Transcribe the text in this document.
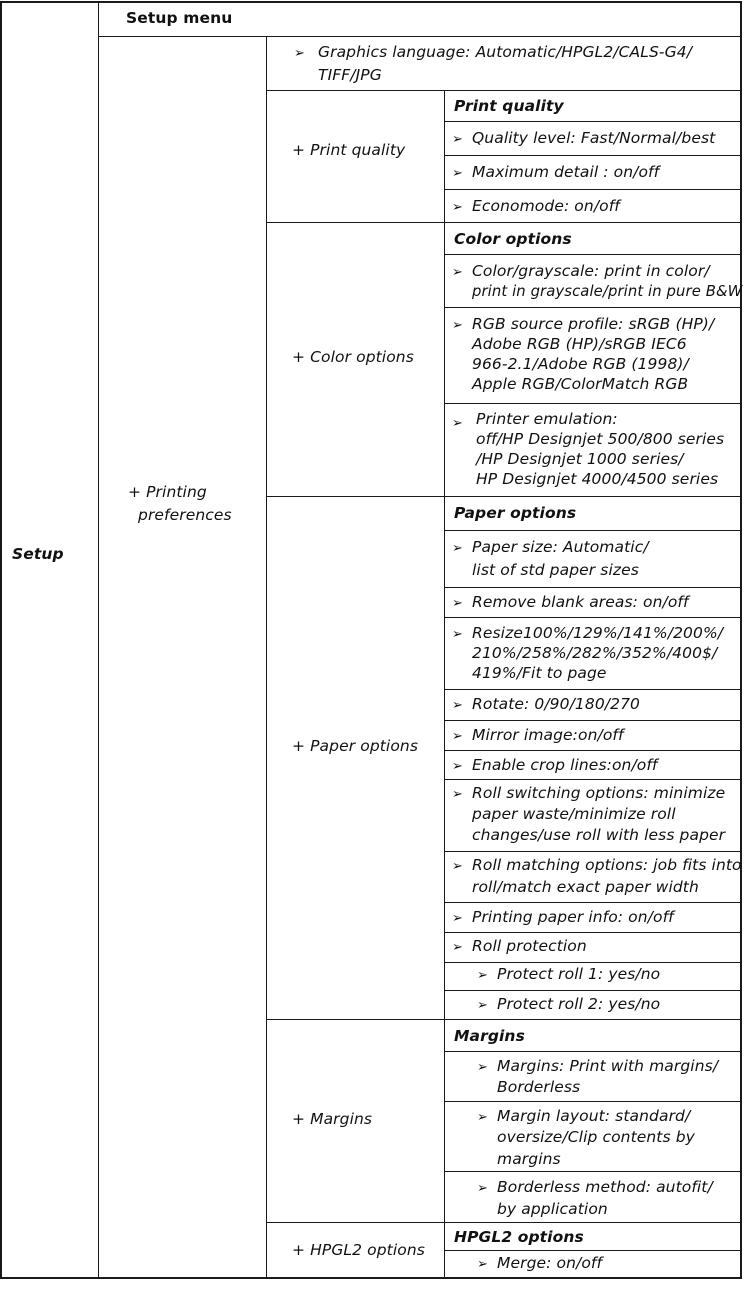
Setup menu
Setup
+ Printing
preferences
➢ Graphics language: Automatic/HPGL2/CALS-G4/
TIFF/JPG
+ Print quality
Print quality
➢ Quality level: Fast/Normal/best
➢ Maximum detail : on/off
➢ Economode: on/off
+ Color options
Color options
➢ Color/grayscale: print in color/
print in grayscale/print in pure B&W
➢ RGB source profile: sRGB (HP)/
Adobe RGB (HP)/sRGB IEC6
966-2.1/Adobe RGB (1998)/
Apple RGB/ColorMatch RGB
➢ Printer emulation:
off/HP Designjet 500/800 series
/HP Designjet 1000 series/
HP Designjet 4000/4500 series
+ Paper options
Paper options
➢ Paper size: Automatic/
list of std paper sizes
➢ Remove blank areas: on/off
➢ Resize100%/129%/141%/200%/
210%/258%/282%/352%/400$/
419%/Fit to page
➢ Rotate: 0/90/180/270
➢ Mirror image:on/off
➢ Enable crop lines:on/off
➢ Roll switching options: minimize
paper waste/minimize roll
changes/use roll with less paper
➢ Roll matching options: job fits into
roll/match exact paper width
➢ Printing paper info: on/off
➢ Roll protection
➢ Protect roll 1: yes/no
➢ Protect roll 2: yes/no
+ Margins
Margins
➢ Margins: Print with margins/
Borderless
➢ Margin layout: standard/
oversize/Clip contents by
margins
➢ Borderless method: autofit/
by application
+ HPGL2 options
HPGL2 options
➢ Merge: on/off
